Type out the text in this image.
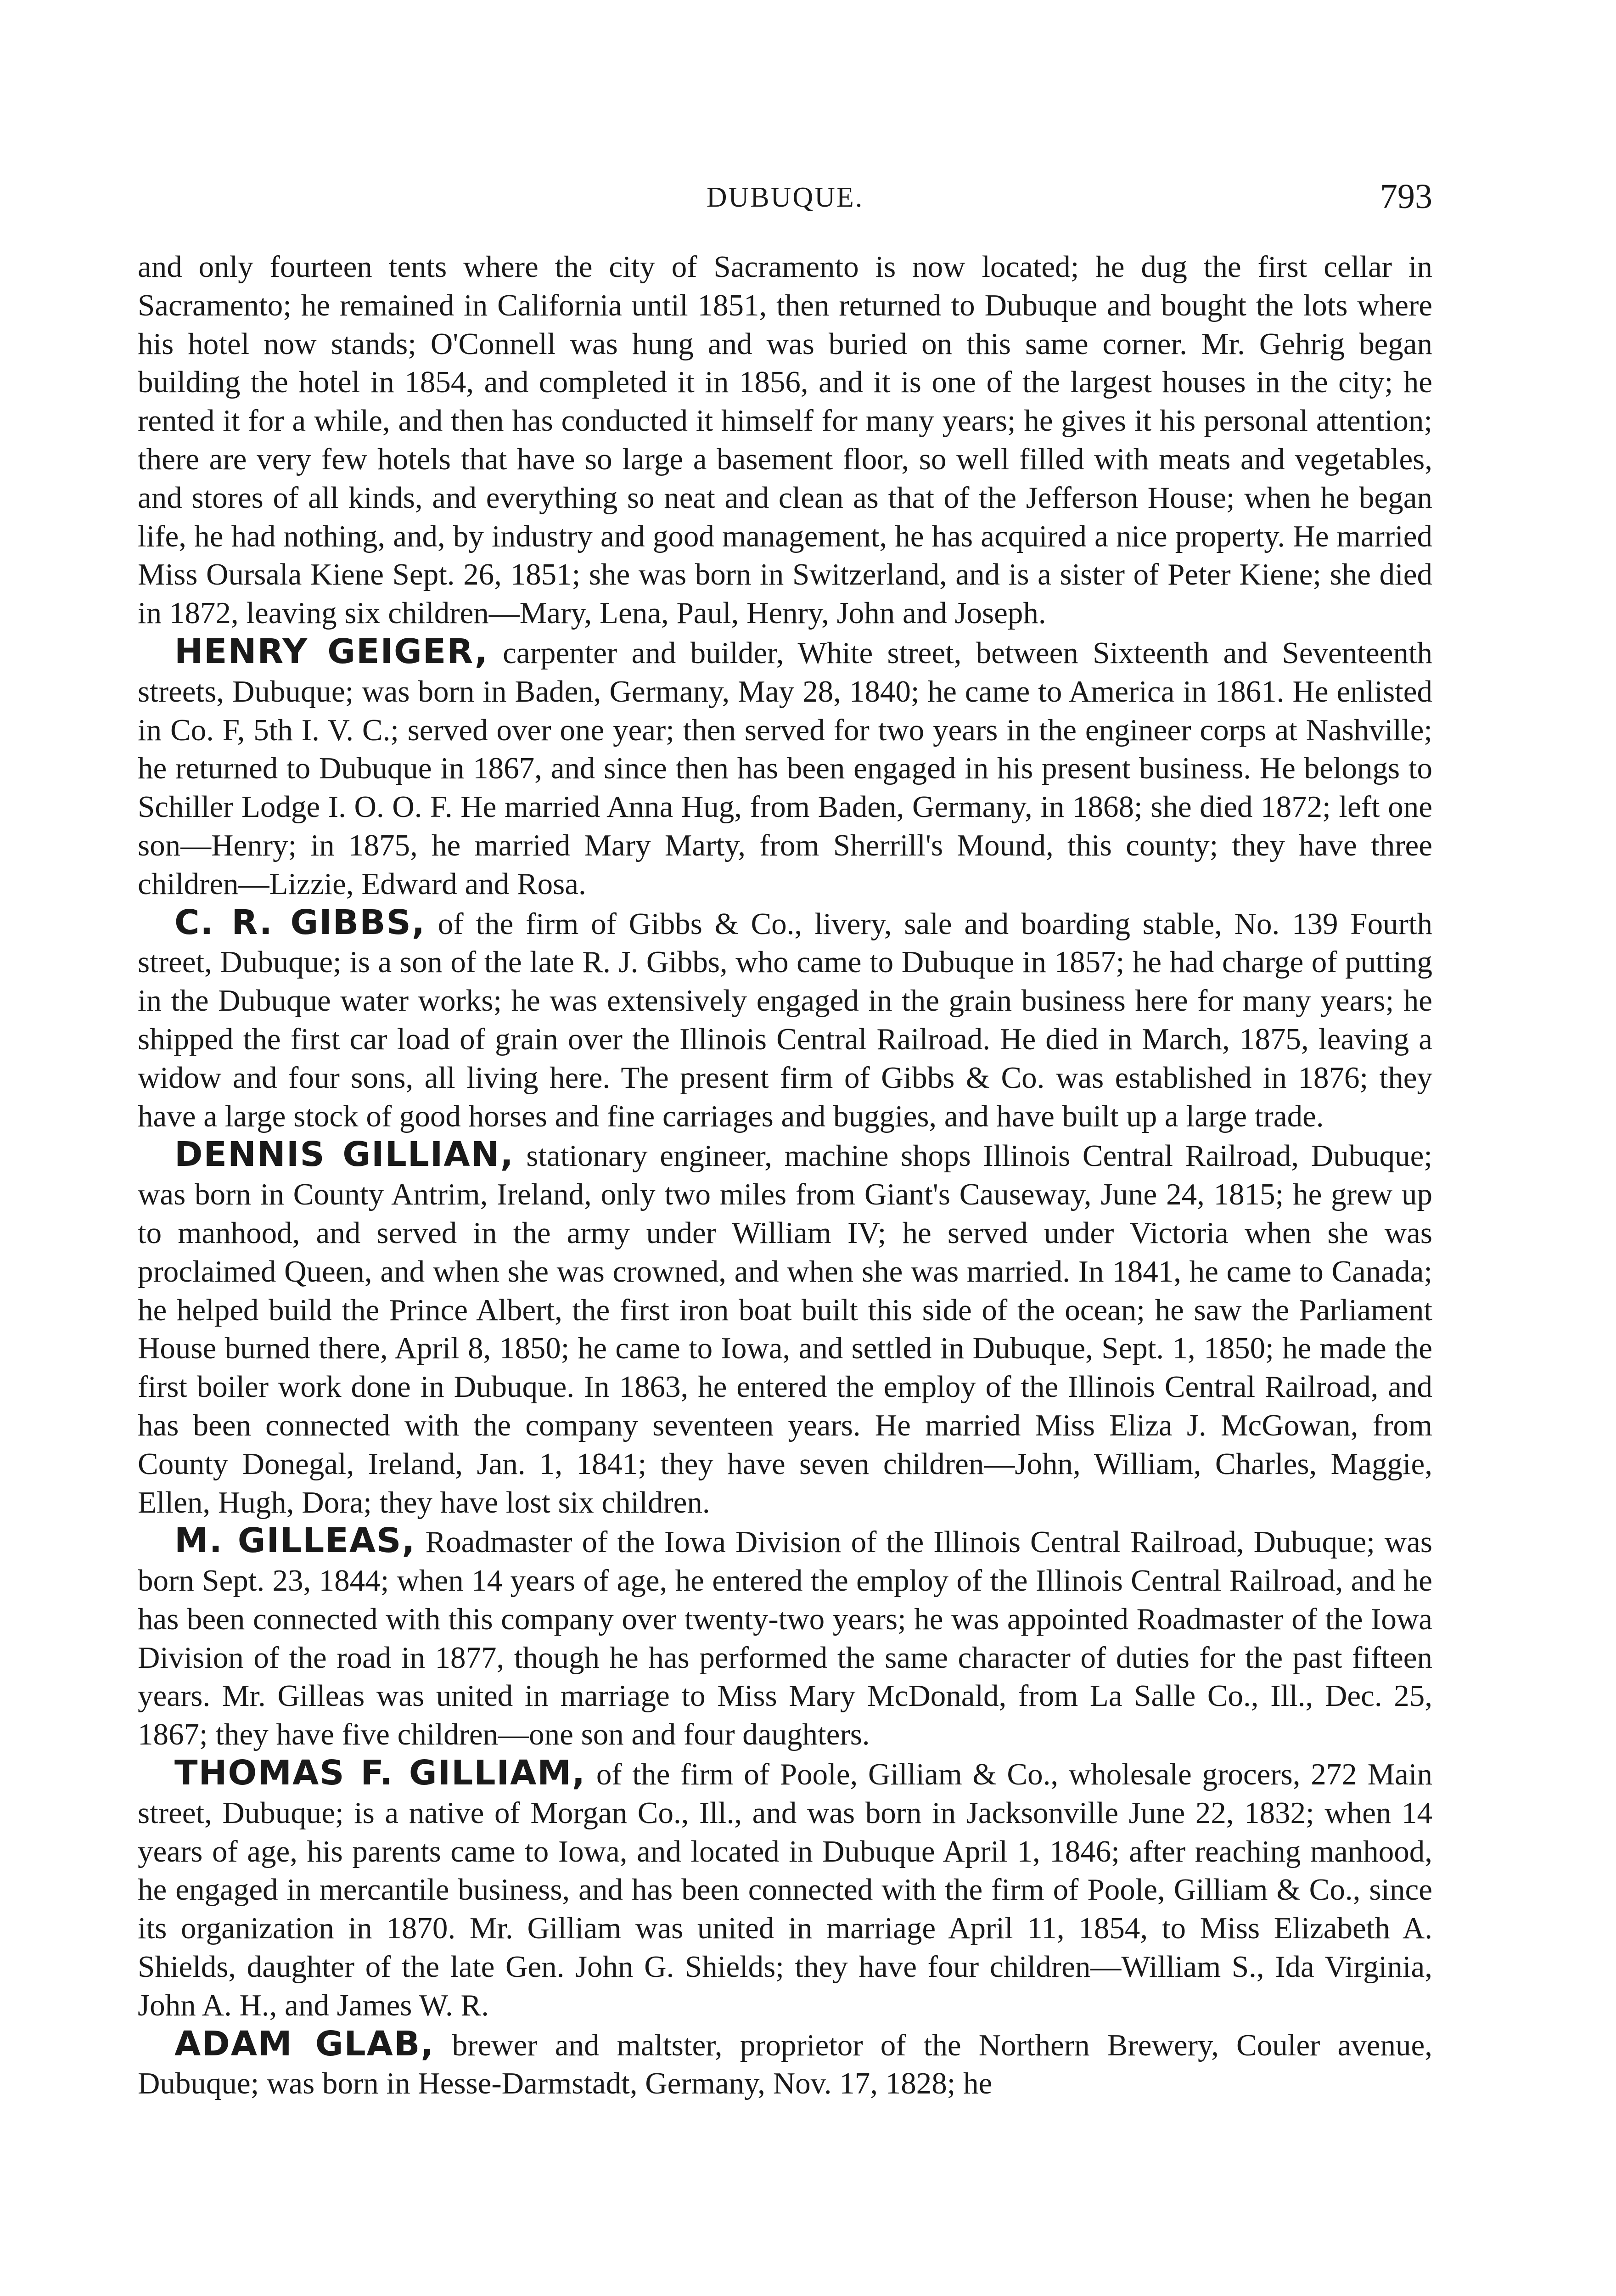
DUBUQUE.	793

and only fourteen tents where the city of Sacramento is now located; he dug the first cellar in Sacramento; he remained in California until 1851, then returned to Dubuque and bought the lots where his hotel now stands; O'Connell was hung and was buried on this same corner. Mr. Gehrig began building the hotel in 1854, and completed it in 1856, and it is one of the largest houses in the city; he rented it for a while, and then has conducted it himself for many years; he gives it his personal attention; there are very few hotels that have so large a basement floor, so well filled with meats and vegetables, and stores of all kinds, and everything so neat and clean as that of the Jefferson House; when he began life, he had nothing, and, by industry and good management, he has acquired a nice property. He married Miss Oursala Kiene Sept. 26, 1851; she was born in Switzerland, and is a sister of Peter Kiene; she died in 1872, leaving six children—Mary, Lena, Paul, Henry, John and Joseph.

HENRY GEIGER, carpenter and builder, White street, between Sixteenth and Seventeenth streets, Dubuque; was born in Baden, Germany, May 28, 1840; he came to America in 1861. He enlisted in Co. F, 5th I. V. C.; served over one year; then served for two years in the engineer corps at Nashville; he returned to Dubuque in 1867, and since then has been engaged in his present business. He belongs to Schiller Lodge I. O. O. F. He married Anna Hug, from Baden, Germany, in 1868; she died 1872; left one son—Henry; in 1875, he married Mary Marty, from Sherrill's Mound, this county; they have three children—Lizzie, Edward and Rosa.

C. R. GIBBS, of the firm of Gibbs & Co., livery, sale and boarding stable, No. 139 Fourth street, Dubuque; is a son of the late R. J. Gibbs, who came to Dubuque in 1857; he had charge of putting in the Dubuque water works; he was extensively engaged in the grain business here for many years; he shipped the first car load of grain over the Illinois Central Railroad. He died in March, 1875, leaving a widow and four sons, all living here. The present firm of Gibbs & Co. was established in 1876; they have a large stock of good horses and fine carriages and buggies, and have built up a large trade.

DENNIS GILLIAN, stationary engineer, machine shops Illinois Central Railroad, Dubuque; was born in County Antrim, Ireland, only two miles from Giant's Causeway, June 24, 1815; he grew up to manhood, and served in the army under William IV; he served under Victoria when she was proclaimed Queen, and when she was crowned, and when she was married. In 1841, he came to Canada; he helped build the Prince Albert, the first iron boat built this side of the ocean; he saw the Parliament House burned there, April 8, 1850; he came to Iowa, and settled in Dubuque, Sept. 1, 1850; he made the first boiler work done in Dubuque. In 1863, he entered the employ of the Illinois Central Railroad, and has been connected with the company seventeen years. He married Miss Eliza J. McGowan, from County Donegal, Ireland, Jan. 1, 1841; they have seven children—John, William, Charles, Maggie, Ellen, Hugh, Dora; they have lost six children.

M. GILLEAS, Roadmaster of the Iowa Division of the Illinois Central Railroad, Dubuque; was born Sept. 23, 1844; when 14 years of age, he entered the employ of the Illinois Central Railroad, and he has been connected with this company over twenty-two years; he was appointed Roadmaster of the Iowa Division of the road in 1877, though he has performed the same character of duties for the past fifteen years. Mr. Gilleas was united in marriage to Miss Mary McDonald, from La Salle Co., Ill., Dec. 25, 1867; they have five children—one son and four daughters.

THOMAS F. GILLIAM, of the firm of Poole, Gilliam & Co., wholesale grocers, 272 Main street, Dubuque; is a native of Morgan Co., Ill., and was born in Jacksonville June 22, 1832; when 14 years of age, his parents came to Iowa, and located in Dubuque April 1, 1846; after reaching manhood, he engaged in mercantile business, and has been connected with the firm of Poole, Gilliam & Co., since its organization in 1870. Mr. Gilliam was united in marriage April 11, 1854, to Miss Elizabeth A. Shields, daughter of the late Gen. John G. Shields; they have four children—William S., Ida Virginia, John A. H., and James W. R.

ADAM GLAB, brewer and maltster, proprietor of the Northern Brewery, Couler avenue, Dubuque; was born in Hesse-Darmstadt, Germany, Nov. 17, 1828; he
